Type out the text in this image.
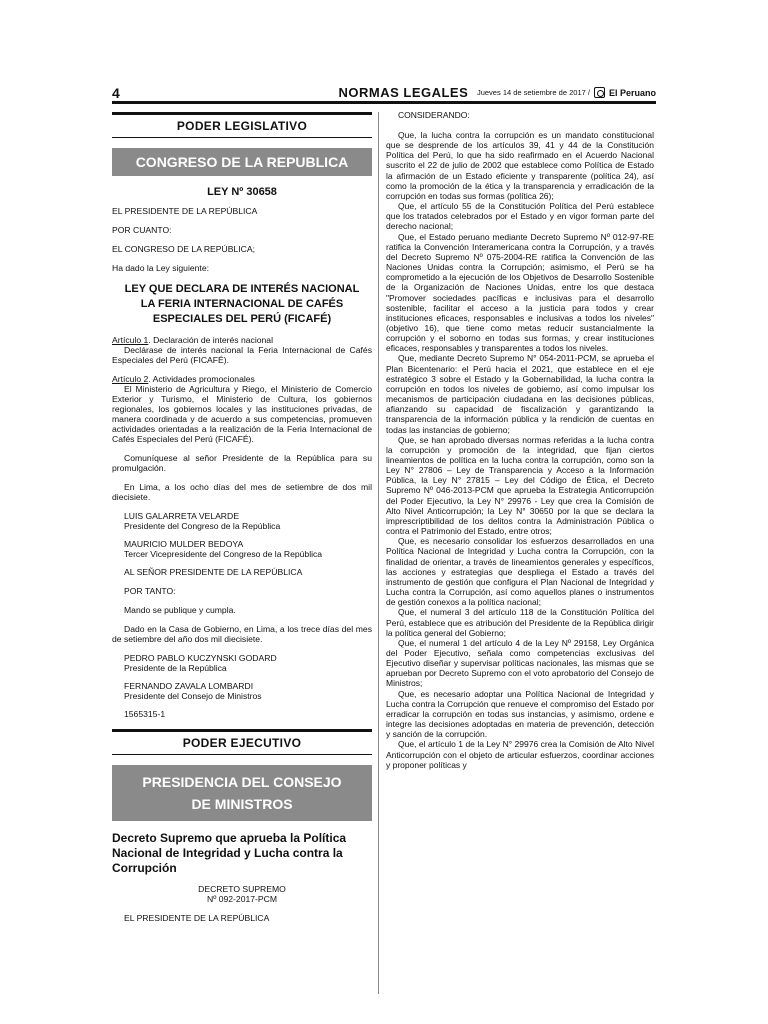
4	NORMAS LEGALES Jueves 14 de setiembre de 2017 / El Peruano
PODER LEGISLATIVO
CONGRESO DE LA REPUBLICA
LEY Nº 30658
EL PRESIDENTE DE LA REPÚBLICA
POR CUANTO:
EL CONGRESO DE LA REPÚBLICA;
Ha dado la Ley siguiente:
LEY QUE DECLARA DE INTERÉS NACIONAL
LA FERIA INTERNACIONAL DE CAFÉS
ESPECIALES DEL PERÚ (FICAFÉ)
Artículo 1. Declaración de interés nacional
Declárase de interés nacional la Feria Internacional de Cafés Especiales del Perú (FICAFÉ).
Artículo 2. Actividades promocionales
El Ministerio de Agricultura y Riego, el Ministerio de Comercio Exterior y Turismo, el Ministerio de Cultura, los gobiernos regionales, los gobiernos locales y las instituciones privadas, de manera coordinada y de acuerdo a sus competencias, promueven actividades orientadas a la realización de la Feria Internacional de Cafés Especiales del Perú (FICAFÉ).
Comuníquese al señor Presidente de la República para su promulgación.
En Lima, a los ocho días del mes de setiembre de dos mil diecisiete.
LUIS GALARRETA VELARDE
Presidente del Congreso de la República
MAURICIO MULDER BEDOYA
Tercer Vicepresidente del Congreso de la República
AL SEÑOR PRESIDENTE DE LA REPÚBLICA
POR TANTO:
Mando se publique y cumpla.
Dado en la Casa de Gobierno, en Lima, a los trece días del mes de setiembre del año dos mil diecisiete.
PEDRO PABLO KUCZYNSKI GODARD
Presidente de la República
FERNANDO ZAVALA LOMBARDI
Presidente del Consejo de Ministros
1565315-1
PODER EJECUTIVO
PRESIDENCIA DEL CONSEJO
DE MINISTROS
Decreto Supremo que aprueba la Política Nacional de Integridad y Lucha contra la Corrupción
DECRETO SUPREMO
Nº 092-2017-PCM
EL PRESIDENTE DE LA REPÚBLICA
CONSIDERANDO:
Que, la lucha contra la corrupción es un mandato constitucional que se desprende de los artículos 39, 41 y 44 de la Constitución Política del Perú, lo que ha sido reafirmado en el Acuerdo Nacional suscrito el 22 de julio de 2002 que establece como Política de Estado la afirmación de un Estado eficiente y transparente (política 24), así como la promoción de la ética y la transparencia y erradicación de la corrupción en todas sus formas (política 26);
Que, el artículo 55 de la Constitución Política del Perú establece que los tratados celebrados por el Estado y en vigor forman parte del derecho nacional;
Que, el Estado peruano mediante Decreto Supremo Nº 012-97-RE ratifica la Convención Interamericana contra la Corrupción, y a través del Decreto Supremo Nº 075-2004-RE ratifica la Convención de las Naciones Unidas contra la Corrupción; asimismo, el Perú se ha comprometido a la ejecución de los Objetivos de Desarrollo Sostenible de la Organización de Naciones Unidas, entre los que destaca "Promover sociedades pacíficas e inclusivas para el desarrollo sostenible, facilitar el acceso a la justicia para todos y crear instituciones eficaces, responsables e inclusivas a todos los niveles" (objetivo 16), que tiene como metas reducir sustancialmente la corrupción y el soborno en todas sus formas, y crear instituciones eficaces, responsables y transparentes a todos los niveles.
Que, mediante Decreto Supremo N° 054-2011-PCM, se aprueba el Plan Bicentenario: el Perú hacia el 2021, que establece en el eje estratégico 3 sobre el Estado y la Gobernabilidad, la lucha contra la corrupción en todos los niveles de gobierno, así como impulsar los mecanismos de participación ciudadana en las decisiones públicas, afianzando su capacidad de fiscalización y garantizando la transparencia de la información pública y la rendición de cuentas en todas las instancias de gobierno;
Que, se han aprobado diversas normas referidas a la lucha contra la corrupción y promoción de la integridad, que fijan ciertos lineamientos de política en la lucha contra la corrupción, como son la Ley N° 27806 – Ley de Transparencia y Acceso a la Información Pública, la Ley N° 27815 – Ley del Código de Ética, el Decreto Supremo Nº 046-2013-PCM que aprueba la Estrategia Anticorrupción del Poder Ejecutivo, la Ley N° 29976 - Ley que crea la Comisión de Alto Nivel Anticorrupción; la Ley N° 30650 por la que se declara la imprescriptibilidad de los delitos contra la Administración Pública o contra el Patrimonio del Estado, entre otros;
Que, es necesario consolidar los esfuerzos desarrollados en una Política Nacional de Integridad y Lucha contra la Corrupción, con la finalidad de orientar, a través de lineamientos generales y específicos, las acciones y estrategias que despliega el Estado a través del instrumento de gestión que configura el Plan Nacional de Integridad y Lucha contra la Corrupción, así como aquellos planes o instrumentos de gestión conexos a la política nacional;
Que, el numeral 3 del artículo 118 de la Constitución Política del Perú, establece que es atribución del Presidente de la República dirigir la política general del Gobierno;
Que, el numeral 1 del artículo 4 de la Ley Nº 29158, Ley Orgánica del Poder Ejecutivo, señala como competencias exclusivas del Ejecutivo diseñar y supervisar políticas nacionales, las mismas que se aprueban por Decreto Supremo con el voto aprobatorio del Consejo de Ministros;
Que, es necesario adoptar una Política Nacional de Integridad y Lucha contra la Corrupción que renueve el compromiso del Estado por erradicar la corrupción en todas sus instancias, y asimismo, ordene e integre las decisiones adoptadas en materia de prevención, detección y sanción de la corrupción.
Que, el artículo 1 de la Ley N° 29976 crea la Comisión de Alto Nivel Anticorrupción con el objeto de articular esfuerzos, coordinar acciones y proponer políticas y
